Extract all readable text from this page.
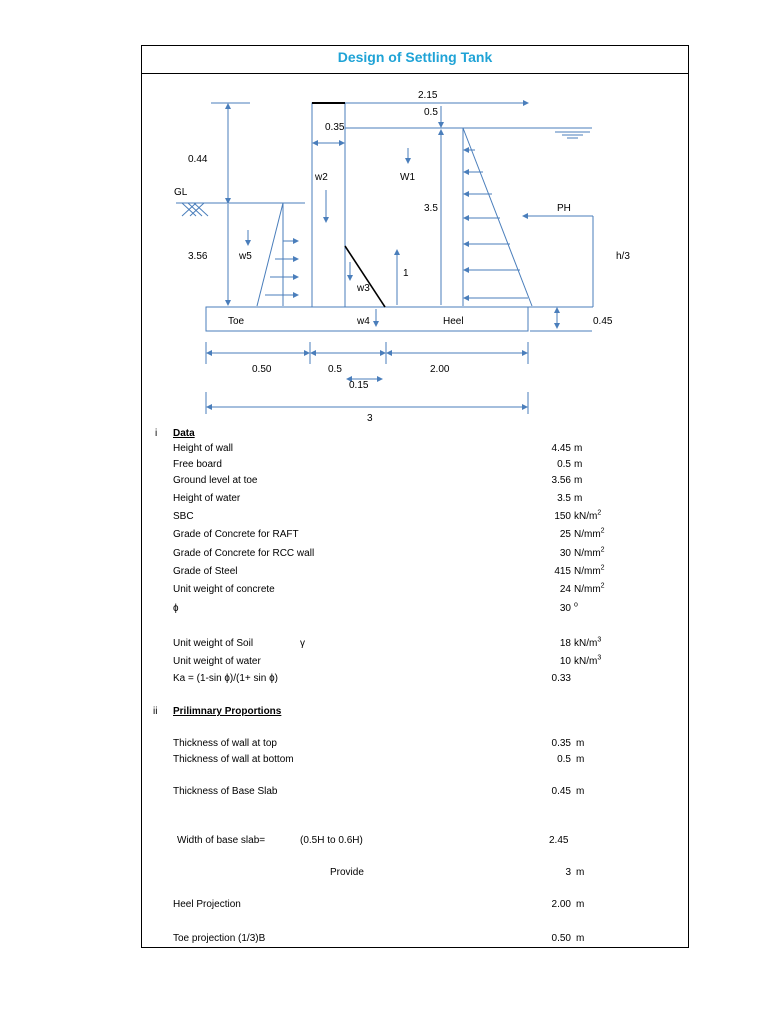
Design of Settling Tank
2.15
0.5
0.35
0.44
GL
w2	W1
3.5	PH
3.56	w5	h/3
1
w3
Toe	w4	Heel	0.45
0.50	0.5	2.00
0.15
3
i Data
Height of wall	4.45 m
Free board	0.5 m
Ground level at toe	3.56 m
Height of water	3.5 m
SBC	150 $kN/m^2$
Grade of Concrete for RAFT	25 $N/mm^2$
Grade of Concrete for RCC wall	30 $N/mm^2$
Grade of Steel	415 $N/mm^2$
Unit weight of concrete	24 $N/mm^2$
ɸ	30 $^o$
Unit weight of Soil	γ	18 $kN/m^3$
Unit weight of water	10 $kN/m^3$
Ka = (1-sin ɸ)/(1+ sin ɸ)	0.33
ii Prilimnary Proportions
Thickness of wall at top	0.35 m
Thickness of wall at bottom	0.5 m
Thickness of Base Slab	0.45 m
Width of base slab=	(0.5H to 0.6H)	2.45
Provide	3 m
Heel Projection	2.00 m
Toe projection (1/3)B	0.50 m
